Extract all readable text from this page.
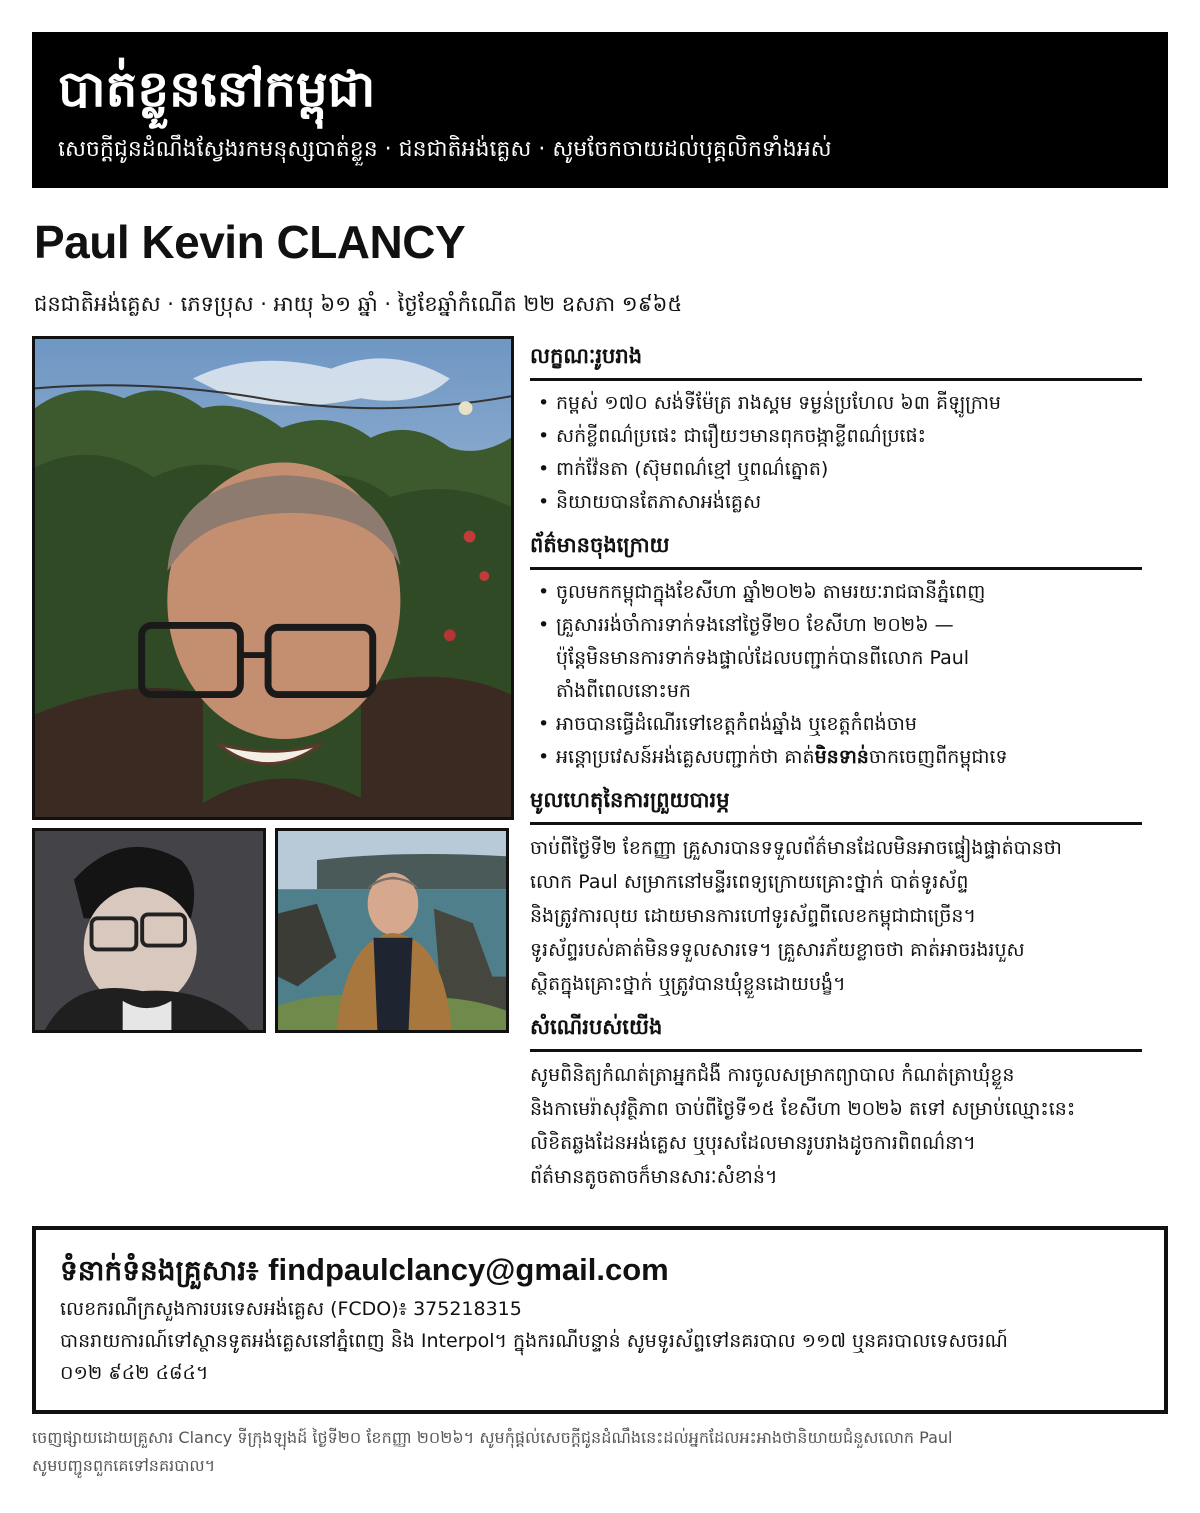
បាត់ខ្លួននៅកម្ពុជា
សេចក្ដីជូនដំណឹងស្វែងរកមនុស្សបាត់ខ្លួន · ជនជាតិអង់គ្លេស · សូមចែកចាយដល់បុគ្គលិកទាំងអស់
Paul Kevin CLANCY
ជនជាតិអង់គ្លេស · ភេទប្រុស · អាយុ ៦១ ឆ្នាំ · ថ្ងៃខែឆ្នាំកំណើត ២២ ឧសភា ១៩៦៥
លក្ខណៈរូបរាង
• កម្ពស់ ១៧០ សង់ទីម៉ែត្រ រាងស្គម ទម្ងន់ប្រហែល ៦៣ គីឡូក្រាម
• សក់ខ្លីពណ៌ប្រផេះ ជារឿយៗមានពុកចង្កាខ្លីពណ៌ប្រផេះ
• ពាក់វ៉ែនតា (ស៊ុមពណ៌ខ្មៅ ឬពណ៌ត្នោត)
• និយាយបានតែភាសាអង់គ្លេស
ព័ត៌មានចុងក្រោយ
• ចូលមកកម្ពុជាក្នុងខែសីហា ឆ្នាំ២០២៦ តាមរយៈរាជធានីភ្នំពេញ
• គ្រួសាររង់ចាំការទាក់ទងនៅថ្ងៃទី២០ ខែសីហា ២០២៦ —
ប៉ុន្តែមិនមានការទាក់ទងផ្ទាល់ដែលបញ្ជាក់បានពីលោក Paul
តាំងពីពេលនោះមក
• អាចបានធ្វើដំណើរទៅខេត្តកំពង់ឆ្នាំង ឬខេត្តកំពង់ចាម
• អន្តោប្រវេសន៍អង់គ្លេសបញ្ជាក់ថា គាត់មិនទាន់ចាកចេញពីកម្ពុជាទេ
មូលហេតុនៃការព្រួយបារម្ភ
ចាប់ពីថ្ងៃទី២ ខែកញ្ញា គ្រួសារបានទទួលព័ត៌មានដែលមិនអាចផ្ទៀងផ្ទាត់បានថា
លោក Paul សម្រាកនៅមន្ទីរពេទ្យក្រោយគ្រោះថ្នាក់ បាត់ទូរស័ព្ទ
និងត្រូវការលុយ ដោយមានការហៅទូរស័ព្ទពីលេខកម្ពុជាជាច្រើន។
ទូរស័ព្ទរបស់គាត់មិនទទួលសារទេ។ គ្រួសារភ័យខ្លាចថា គាត់អាចរងរបួស
ស្ថិតក្នុងគ្រោះថ្នាក់ ឬត្រូវបានឃុំខ្លួនដោយបង្ខំ។
សំណើរបស់យើង
សូមពិនិត្យកំណត់ត្រាអ្នកជំងឺ ការចូលសម្រាកព្យាបាល កំណត់ត្រាឃុំខ្លួន
និងកាមេរ៉ាសុវត្ថិភាព ចាប់ពីថ្ងៃទី១៥ ខែសីហា ២០២៦ តទៅ សម្រាប់ឈ្មោះនេះ
លិខិតឆ្លងដែនអង់គ្លេស ឬបុរសដែលមានរូបរាងដូចការពិពណ៌នា។
ព័ត៌មានតូចតាចក៏មានសារៈសំខាន់។
ទំនាក់ទំនងគ្រួសារ៖ findpaulclancy@gmail.com
លេខករណីក្រសួងការបរទេសអង់គ្លេស (FCDO)៖ 375218315
បានរាយការណ៍ទៅស្ថានទូតអង់គ្លេសនៅភ្នំពេញ និង Interpol។ ក្នុងករណីបន្ទាន់ សូមទូរស័ព្ទទៅនគរបាល ១១៧ ឬនគរបាលទេសចរណ៍
០១២ ៩៤២ ៤៨៤។
ចេញផ្សាយដោយគ្រួសារ Clancy ទីក្រុងឡុងដ៍ ថ្ងៃទី២០ ខែកញ្ញា ២០២៦។ សូមកុំផ្ដល់សេចក្ដីជូនដំណឹងនេះដល់អ្នកដែលអះអាងថានិយាយជំនួសលោក Paul
សូមបញ្ជូនពួកគេទៅនគរបាល។
